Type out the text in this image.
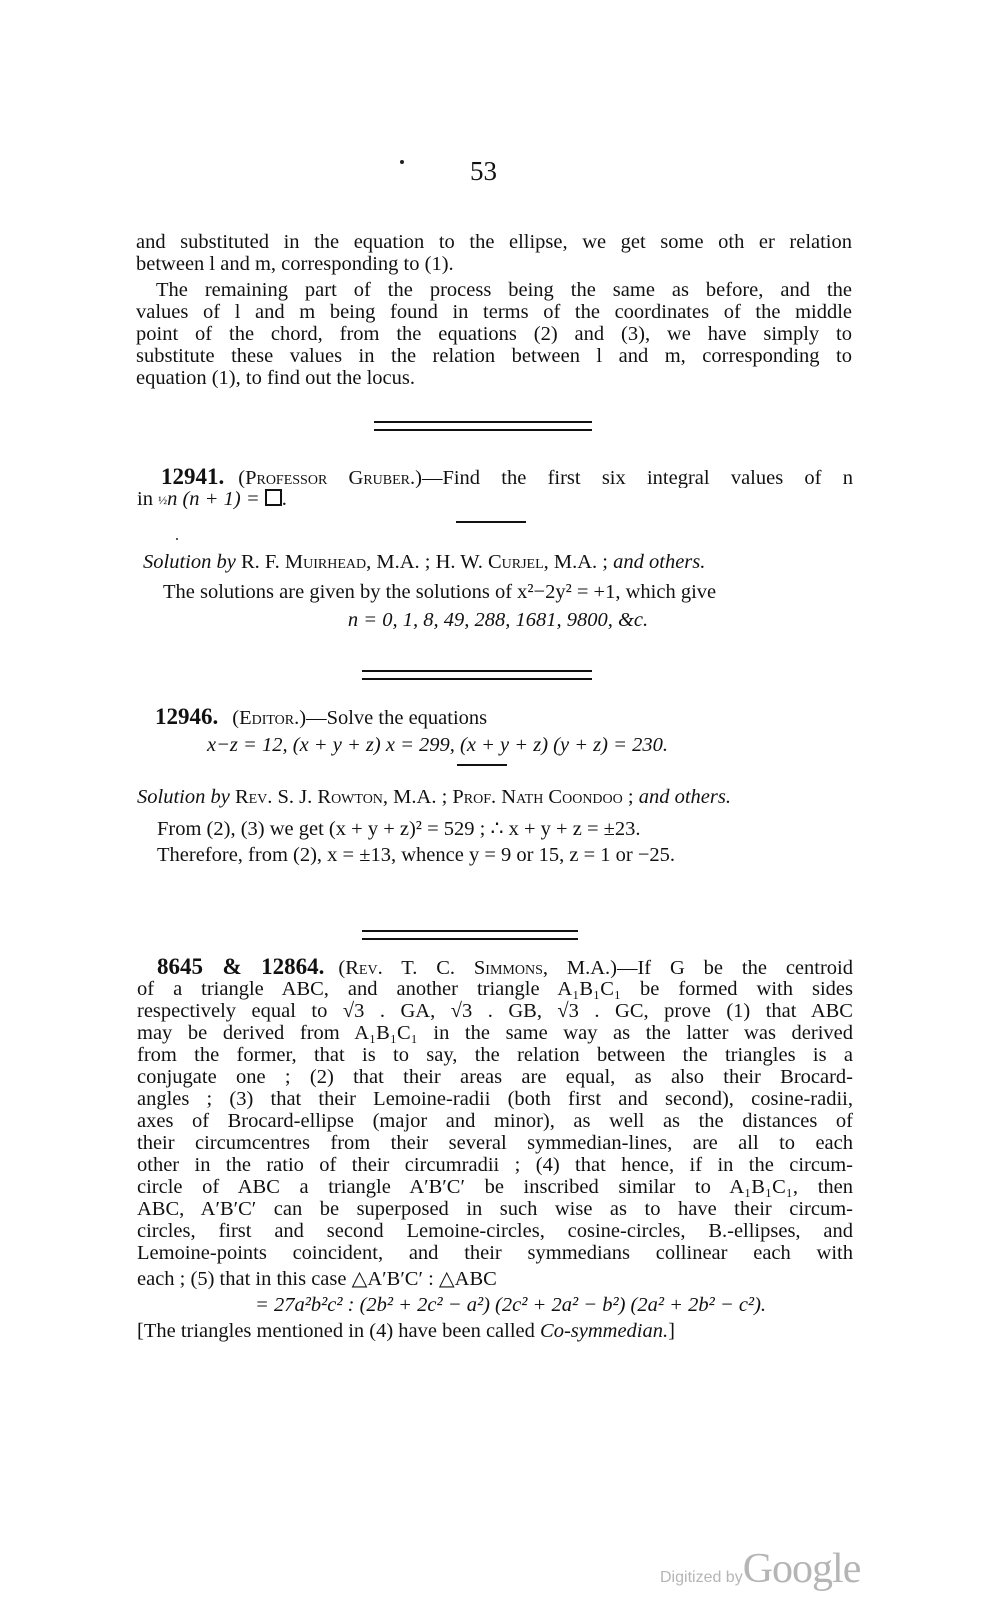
53
and substituted in the equation to the ellipse, we get some oth er relation
between l and m, corresponding to (1).
The remaining part of the process being the same as before, and the
values of l and m being found in terms of the coordinates of the middle
point of the chord, from the equations (2) and (3), we have simply to
substitute these values in the relation between l and m, corresponding to
equation (1), to find out the locus.
12941. (Professor Gruber.)—Find the first six integral values of n
in ½n (n + 1) = .
Solution by R. F. Muirhead, M.A. ; H. W. Curjel, M.A. ; and others.
The solutions are given by the solutions of x²−2y² = +1, which give
n = 0, 1, 8, 49, 288, 1681, 9800, &c.
12946. (Editor.)—Solve the equations
x−z = 12, (x + y + z) x = 299, (x + y + z) (y + z) = 230.
Solution by Rev. S. J. Rowton, M.A. ; Prof. Nath Coondoo ; and others.
From (2), (3) we get (x + y + z)² = 529 ; ∴ x + y + z = ±23.
Therefore, from (2), x = ±13, whence y = 9 or 15, z = 1 or −25.
8645 & 12864. (Rev. T. C. Simmons, M.A.)—If G be the centroid
of a triangle ABC, and another triangle A₁B₁C₁ be formed with sides
respectively equal to √3 . GA, √3 . GB, √3 . GC, prove (1) that ABC
may be derived from A₁B₁C₁ in the same way as the latter was derived
from the former, that is to say, the relation between the triangles is a
conjugate one ; (2) that their areas are equal, as also their Brocard-
angles ; (3) that their Lemoine-radii (both first and second), cosine-radii,
axes of Brocard-ellipse (major and minor), as well as the distances of
their circumcentres from their several symmedian-lines, are all to each
other in the ratio of their circumradii ; (4) that hence, if in the circum-
circle of ABC a triangle A′B′C′ be inscribed similar to A₁B₁C₁, then
ABC, A′B′C′ can be superposed in such wise as to have their circum-
circles, first and second Lemoine-circles, cosine-circles, B.-ellipses, and
Lemoine-points coincident, and their symmedians collinear each with
each ; (5) that in this case △A′B′C′ : △ABC
= 27a²b²c² : (2b² + 2c² − a²) (2c² + 2a² − b²) (2a² + 2b² − c²).
[The triangles mentioned in (4) have been called Co-symmedian.]
Digitized byGoogle
